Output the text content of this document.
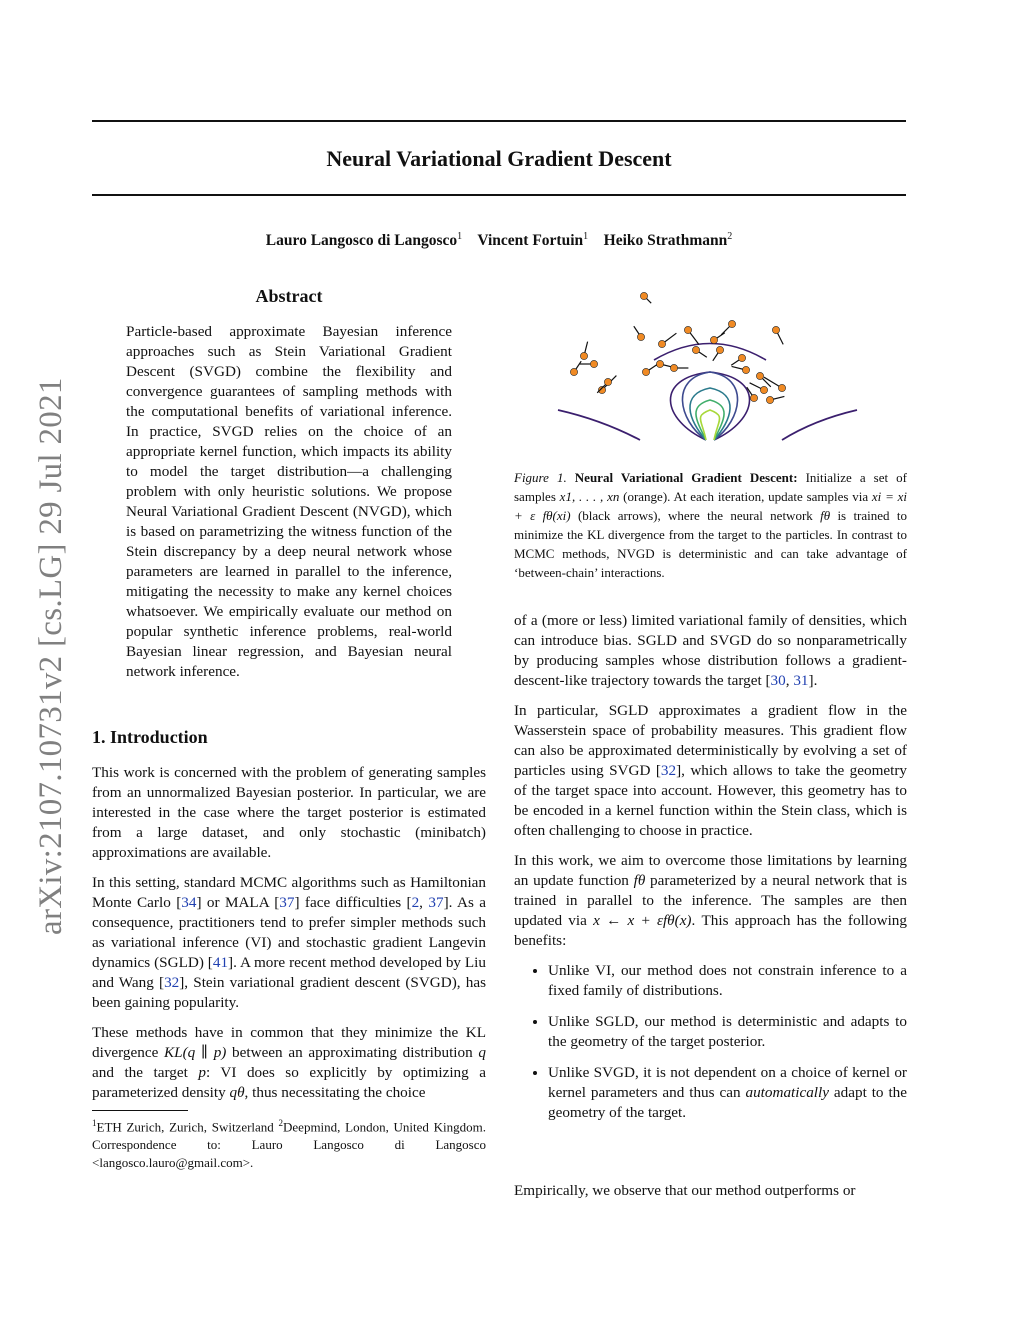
Neural Variational Gradient Descent
Lauro Langosco di Langosco$^1$ Vincent Fortuin$^1$ Heiko Strathmann$^2$
arXiv:2107.10731v2 [cs.LG] 29 Jul 2021
Abstract
Particle-based approximate Bayesian inference approaches such as Stein Variational Gradient Descent (SVGD) combine the flexibility and convergence guarantees of sampling methods with the computational benefits of variational inference. In practice, SVGD relies on the choice of an appropriate kernel function, which impacts its ability to model the target distribution—a challenging problem with only heuristic solutions. We propose Neural Variational Gradient Descent (NVGD), which is based on parametrizing the witness function of the Stein discrepancy by a deep neural network whose parameters are learned in parallel to the inference, mitigating the necessity to make any kernel choices whatsoever. We empirically evaluate our method on popular synthetic inference problems, real-world Bayesian linear regression, and Bayesian neural network inference.
1. Introduction

This work is concerned with the problem of generating samples from an unnormalized Bayesian posterior. In particular, we are interested in the case where the target posterior is estimated from a large dataset, and only stochastic (minibatch) approximations are available.

In this setting, standard MCMC algorithms such as Hamiltonian Monte Carlo [34] or MALA [37] face difficulties [2, 37]. As a consequence, practitioners tend to prefer simpler methods such as variational inference (VI) and stochastic gradient Langevin dynamics (SGLD) [41]. A more recent method developed by Liu and Wang [32], Stein variational gradient descent (SVGD), has been gaining popularity.

These methods have in common that they minimize the KL divergence KL(q ∥ p) between an approximating distribution q and the target p: VI does so explicitly by optimizing a parameterized density qθ, thus necessitating the choice

$^1$ETH Zurich, Zurich, Switzerland $^2$Deepmind, London, United Kingdom. Correspondence to: Lauro Langosco di Langosco <langosco.lauro@gmail.com>.
Figure 1. Neural Variational Gradient Descent: Initialize a set of samples x1, . . . , xn (orange). At each iteration, update samples via xi = xi + ε fθ(xi) (black arrows), where the neural network fθ is trained to minimize the KL divergence from the target to the particles. In contrast to MCMC methods, NVGD is deterministic and can take advantage of ‘between-chain’ interactions.

of a (more or less) limited variational family of densities, which can introduce bias. SGLD and SVGD do so nonparametrically by producing samples whose distribution follows a gradient-descent-like trajectory towards the target [30, 31].

In particular, SGLD approximates a gradient flow in the Wasserstein space of probability measures. This gradient flow can also be approximated deterministically by evolving a set of particles using SVGD [32], which allows to take the geometry of the target space into account. However, this geometry has to be encoded in a kernel function within the Stein class, which is often challenging to choose in practice.

In this work, we aim to overcome those limitations by learning an update function fθ parameterized by a neural network that is trained in parallel to the inference. The samples are then updated via x ← x + εfθ(x). This approach has the following benefits:

• Unlike VI, our method does not constrain inference to a fixed family of distributions.
• Unlike SGLD, our method is deterministic and adapts to the geometry of the target posterior.
• Unlike SVGD, it is not dependent on a choice of kernel or kernel parameters and thus can automatically adapt to the geometry of the target.
Empirically, we observe that our method outperforms or
